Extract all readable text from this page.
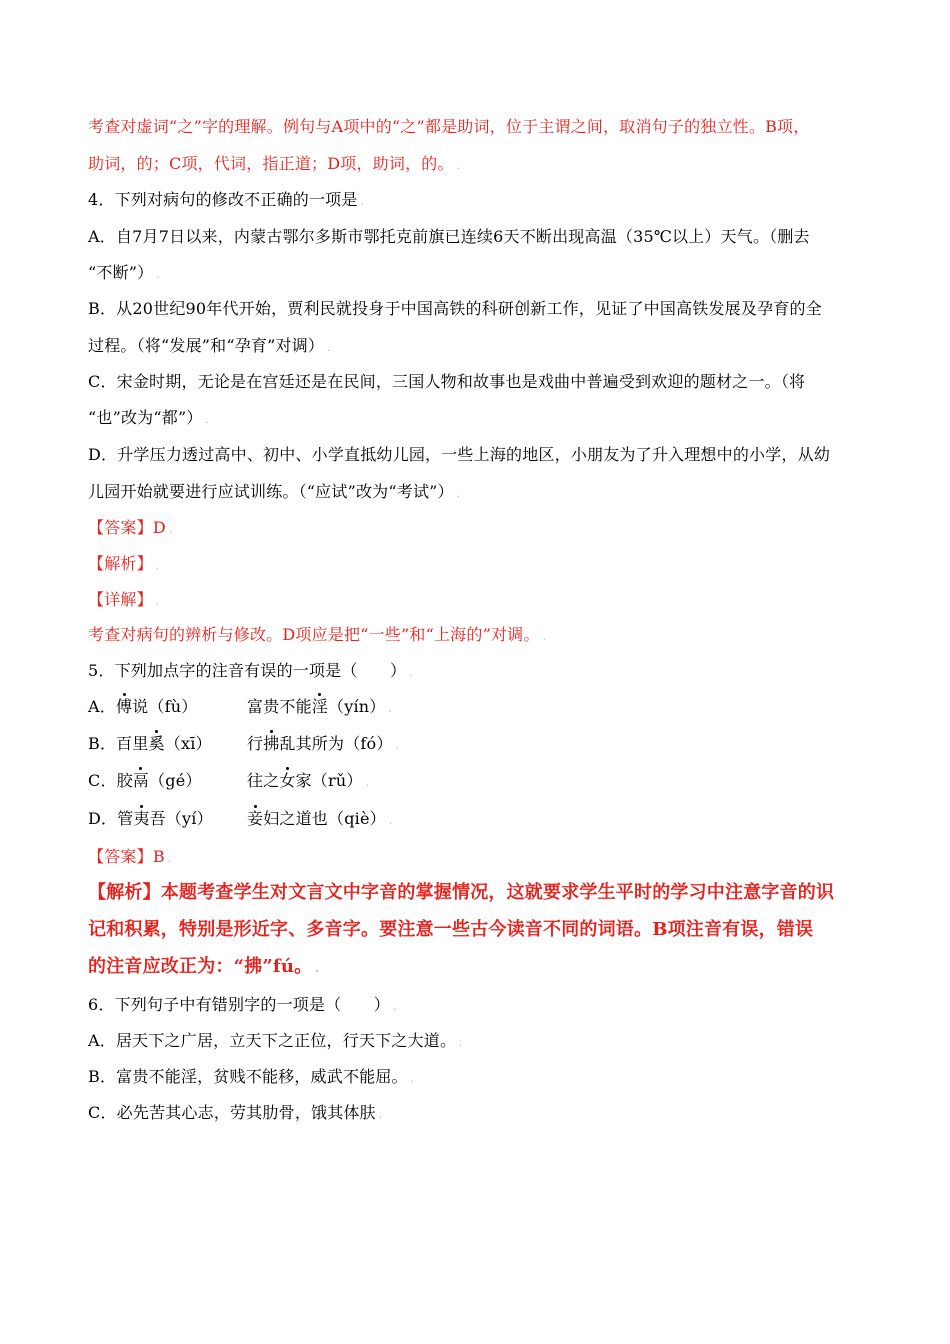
考查对虚词“之”字的理解。例句与A项中的“之”都是助词，位于主谓之间，取消句子的独立性。B项，
助词，的；C项，代词，指正道；D项，助词，的。 .
4．下列对病句的修改不正确的一项是 .
A．自7月7日以来，内蒙古鄂尔多斯市鄂托克前旗已连续6天不断出现高温（35℃以上）天气。（删去
“不断”） .
B．从20世纪90年代开始，贾利民就投身于中国高铁的科研创新工作，见证了中国高铁发展及孕育的全
过程。（将“发展”和“孕育”对调） .
C．宋金时期，无论是在宫廷还是在民间，三国人物和故事也是戏曲中普遍受到欢迎的题材之一。（将
“也”改为“都”） .
D．升学压力透过高中、初中、小学直抵幼儿园，一些上海的地区，小朋友为了升入理想中的小学，从幼
儿园开始就要进行应试训练。（“应试”改为“考试”） .
【答案】D .
【解析】 .
【详解】 .
考查对病句的辨析与修改。D项应是把“一些”和“上海的”对调。 .
5．下列加点字的注音有误的一项是（　　） .
A．傅说（fù）	富贵不能淫（yín） .
B．百里奚（xī） 行拂乱其所为（fó） .
C．胶鬲（gé）	往之女家（rǔ） .
D．管夷吾（yí） 妾妇之道也（qiè） .
【答案】B .
【解析】本题考查学生对文言文中字音的掌握情况，这就要求学生平时的学习中注意字音的识
记和积累，特别是形近字、多音字。要注意一些古今读音不同的词语。B项注音有误，错误
的注音应改正为：“拂”fú。 .
6．下列句子中有错别字的一项是（　　） .
A．居天下之广居，立天下之正位，行天下之大道。 .
B．富贵不能淫，贫贱不能移，威武不能屈。 .
C．必先苦其心志，劳其肋骨，饿其体肤 .
